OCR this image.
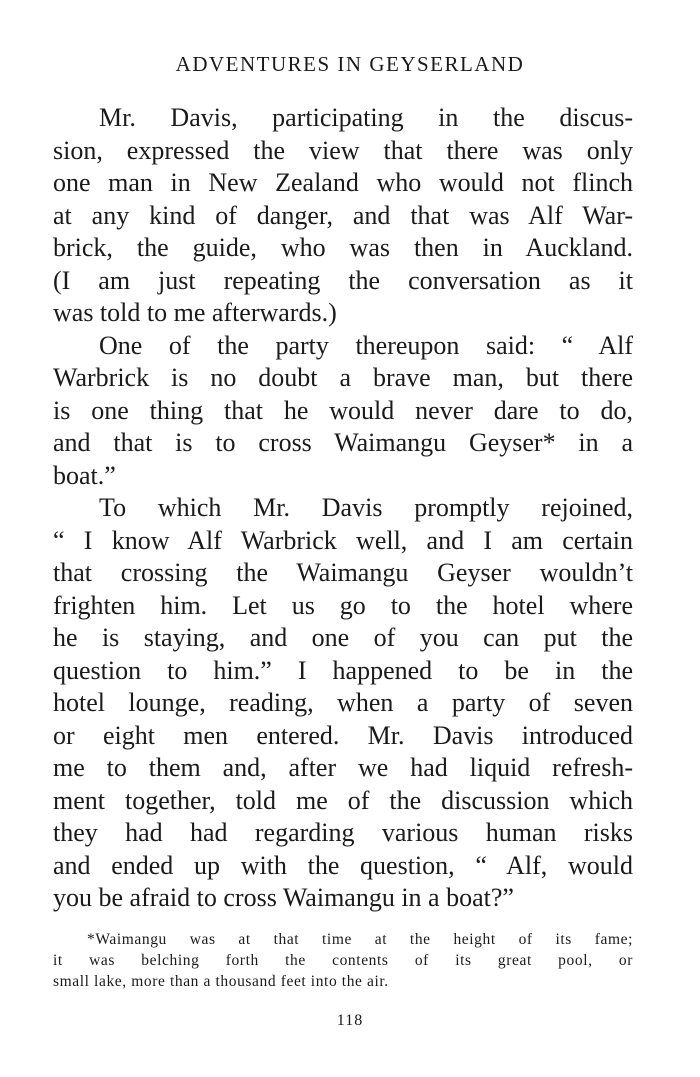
ADVENTURES IN GEYSERLAND

Mr. Davis, participating in the discus-
sion, expressed the view that there was only
one man in New Zealand who would not flinch
at any kind of danger, and that was Alf War-
brick, the guide, who was then in Auckland.
(I am just repeating the conversation as it
was told to me afterwards.)

One of the party thereupon said: “ Alf
Warbrick is no doubt a brave man, but there
is one thing that he would never dare to do,
and that is to cross Waimangu Geyser* in a
boat.”

To which Mr. Davis promptly rejoined,
“ I know Alf Warbrick well, and I am certain
that crossing the Waimangu Geyser wouldn’t
frighten him. Let us go to the hotel where
he is staying, and one of you can put the
question to him.” I happened to be in the
hotel lounge, reading, when a party of seven
or eight men entered. Mr. Davis introduced
me to them and, after we had liquid refresh-
ment together, told me of the discussion which
they had had regarding various human risks
and ended up with the question, “ Alf, would
you be afraid to cross Waimangu in a boat?”

*Waimangu was at that time at the height of its fame;
it was belching forth the contents of its great pool, or
small lake, more than a thousand feet into the air.
118
